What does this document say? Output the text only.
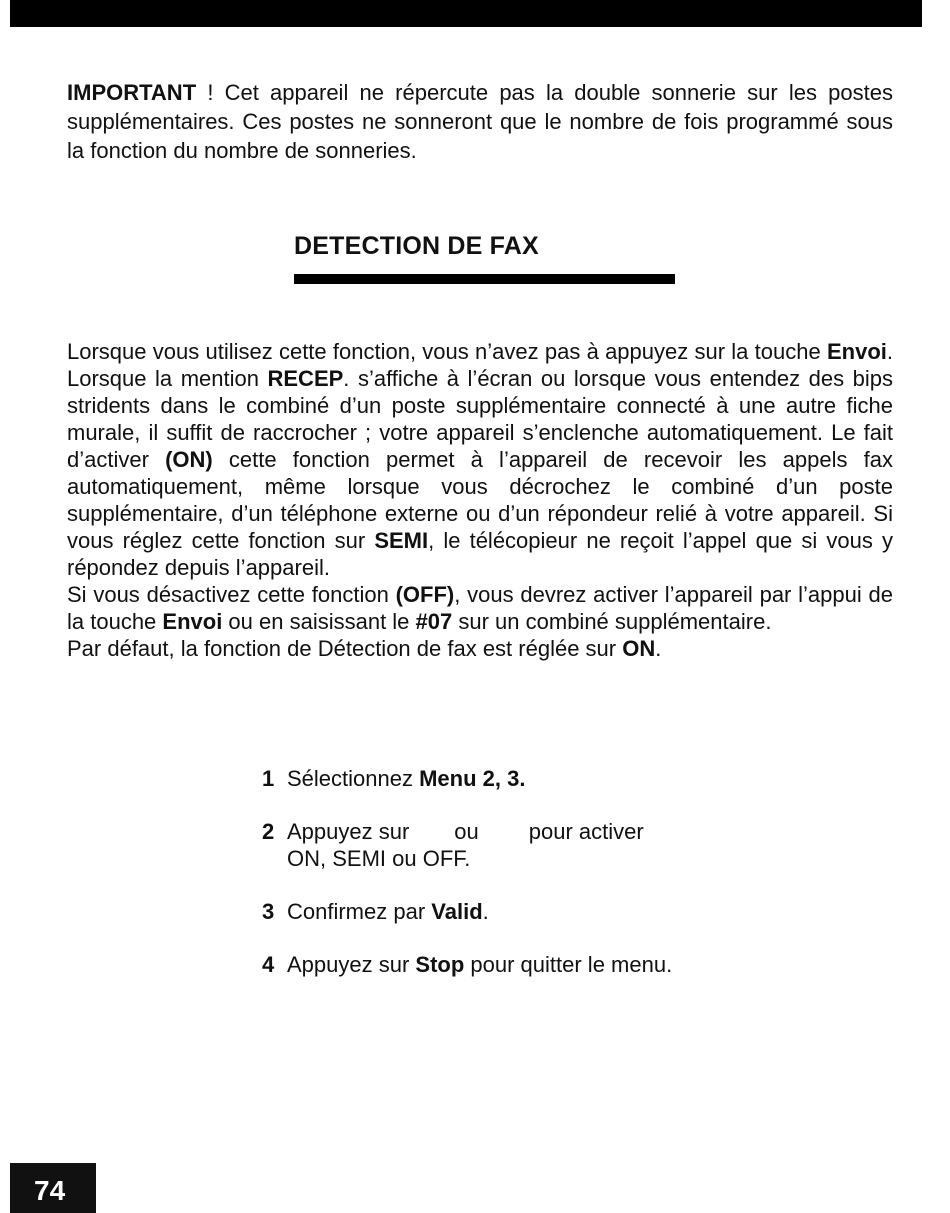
IMPORTANT ! Cet appareil ne répercute pas la double sonnerie sur les postes supplémentaires. Ces postes ne sonneront que le nombre de fois programmé sous la fonction du nombre de sonneries.

DETECTION DE FAX

Lorsque vous utilisez cette fonction, vous n’avez pas à appuyez sur la touche Envoi. Lorsque la mention RECEP. s’affiche à l’écran ou lorsque vous entendez des bips stridents dans le combiné d’un poste supplémentaire connecté à une autre fiche murale, il suffit de raccrocher ; votre appareil s’enclenche automatiquement. Le fait d’activer (ON) cette fonction permet à l’appareil de recevoir les appels fax automatiquement, même lorsque vous décrochez le combiné d’un poste supplémentaire, d’un téléphone externe ou d’un répondeur relié à votre appareil. Si vous réglez cette fonction sur SEMI, le télécopieur ne reçoit l’appel que si vous y répondez depuis l’appareil.

Si vous désactivez cette fonction (OFF), vous devrez activer l’appareil par l’appui de la touche Envoi ou en saisissant le #07 sur un combiné supplémentaire.

Par défaut, la fonction de Détection de fax est réglée sur ON.

1 Sélectionnez Menu 2, 3.
2 Appuyez sur ou pour activer ON, SEMI ou OFF.
3 Confirmez par Valid.
4 Appuyez sur Stop pour quitter le menu.
74
